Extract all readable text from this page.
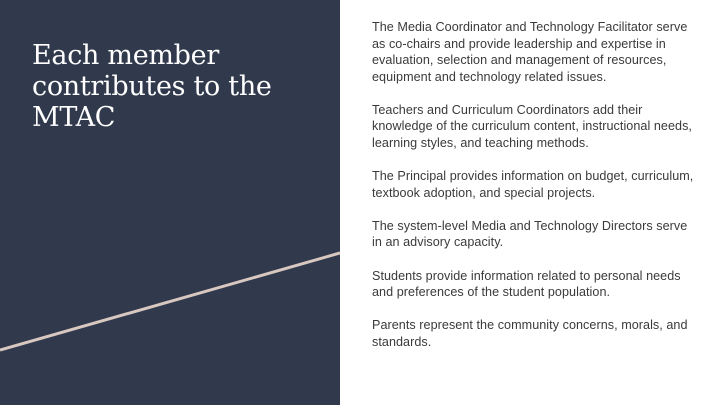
Each member contributes to the MTAC

The Media Coordinator and Technology Facilitator serve as co-chairs and provide leadership and expertise in evaluation, selection and management of resources, equipment and technology related issues.

Teachers and Curriculum Coordinators add their knowledge of the curriculum content, instructional needs, learning styles, and teaching methods.

The Principal provides information on budget, curriculum, textbook adoption, and special projects.

The system-level Media and Technology Directors serve in an advisory capacity.

Students provide information related to personal needs and preferences of the student population.

Parents represent the community concerns, morals, and standards.
